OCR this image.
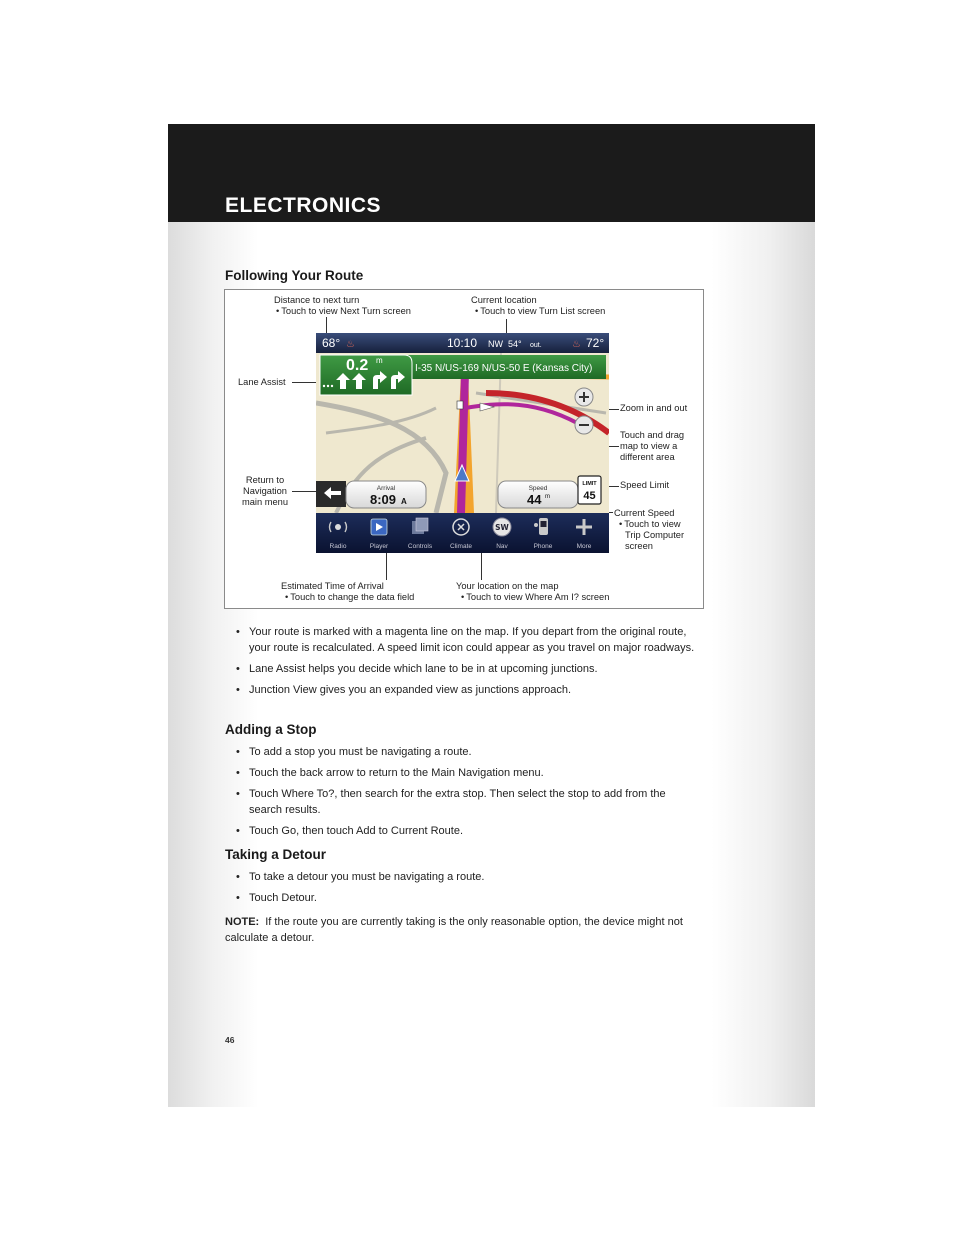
ELECTRONICS
Following Your Route
Distance to next turn
• Touch to view Next Turn screen
Current location
• Touch to view Turn List screen
Lane Assist
Return to
Navigation
main menu
Zoom in and out
Touch and drag
map to view a
different area
Speed Limit
Current Speed
• Touch to view
Trip Computer
screen
Estimated Time of Arrival
• Touch to change the data field
Your location on the map
• Touch to view Where Am I? screen
SW
68° ♨	10:10 NW 54° out.	♨ 72°
0.2 m
I-35 N/US-169 N/US-50 E (Kansas City)
Arrival
8:09 A
Speed
44 m
LIMIT
45
Radio	Player	Controls	Climate	Nav	Phone	More
• Your route is marked with a magenta line on the map. If you depart from the original route, your route is recalculated. A speed limit icon could appear as you travel on major roadways.
• Lane Assist helps you decide which lane to be in at upcoming junctions.
• Junction View gives you an expanded view as junctions approach.
Adding a Stop
• To add a stop you must be navigating a route.
• Touch the back arrow to return to the Main Navigation menu.
• Touch Where To?, then search for the extra stop. Then select the stop to add from the search results.
• Touch Go, then touch Add to Current Route.
Taking a Detour
• To take a detour you must be navigating a route.
• Touch Detour.
NOTE: If the route you are currently taking is the only reasonable option, the device might not calculate a detour.
46
